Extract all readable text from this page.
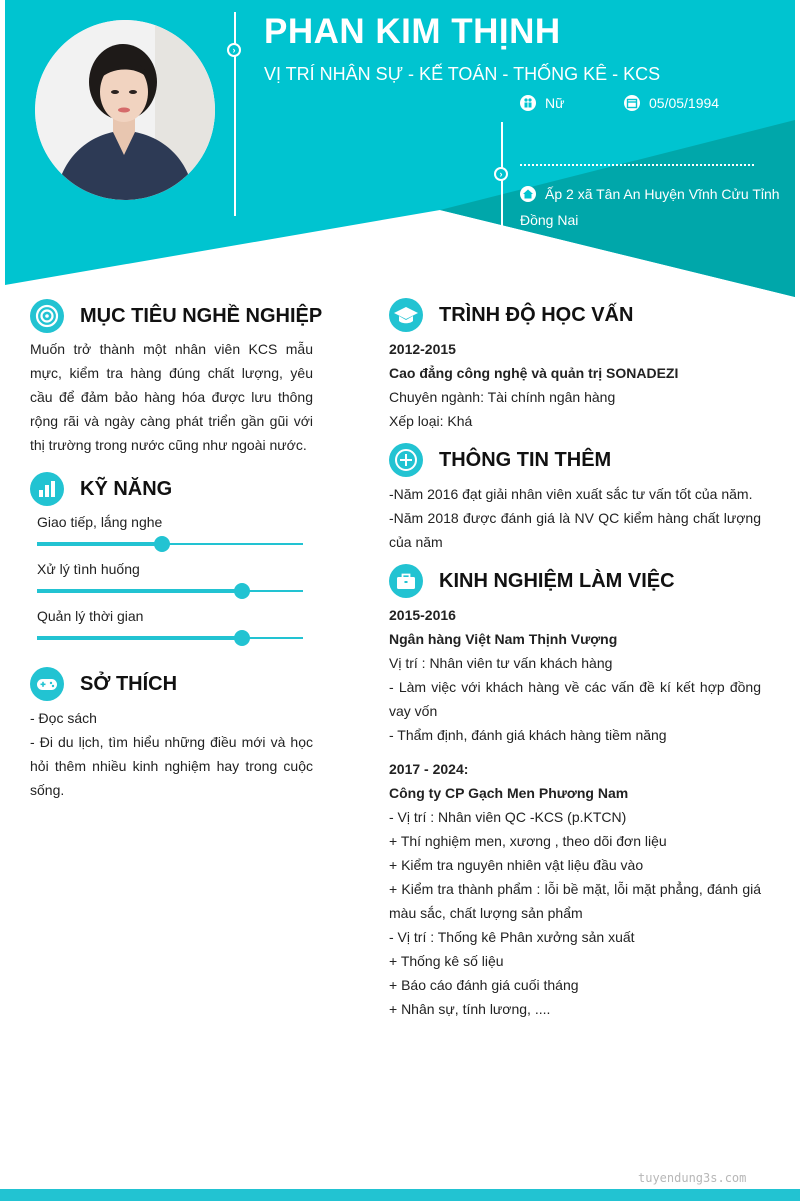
›
›
PHAN KIM THỊNH
VỊ TRÍ NHÂN SỰ - KẾ TOÁN - THỐNG KÊ - KCS
Nữ	05/05/1994
Ấp 2 xã Tân An Huyện Vĩnh Cửu Tỉnh Đồng Nai
MỤC TIÊU NGHỀ NGHIỆP
Muốn trở thành một nhân viên KCS mẫu mực, kiểm tra hàng đúng chất lượng, yêu cầu để đảm bảo hàng hóa được lưu thông rộng rãi và ngày càng phát triển gần gũi với thị trường trong nước cũng như ngoài nước.
KỸ NĂNG
Giao tiếp, lắng nghe
Xử lý tình huống
Quản lý thời gian
SỞ THÍCH
- Đọc sách
- Đi du lịch, tìm hiểu những điều mới và học hỏi thêm nhiều kinh nghiệm hay trong cuộc sống.
TRÌNH ĐỘ HỌC VẤN
2012-2015
Cao đẳng công nghệ và quản trị SONADEZI
Chuyên ngành: Tài chính ngân hàng
Xếp loại: Khá
THÔNG TIN THÊM
-Năm 2016 đạt giải nhân viên xuất sắc tư vấn tốt của năm.
-Năm 2018 được đánh giá là NV QC kiểm hàng chất lượng của năm
KINH NGHIỆM LÀM VIỆC
2015-2016
Ngân hàng Việt Nam Thịnh Vượng
Vị trí : Nhân viên tư vấn khách hàng
- Làm việc với khách hàng về các vấn đề kí kết hợp đồng vay vốn
- Thẩm định, đánh giá khách hàng tiềm năng
2017 - 2024:
Công ty CP Gạch Men Phương Nam
- Vị trí : Nhân viên QC -KCS (p.KTCN)
+ Thí nghiệm men, xương , theo dõi đơn liệu
+ Kiểm tra nguyên nhiên vật liệu đầu vào
+ Kiểm tra thành phẩm : lỗi bề mặt, lỗi mặt phẳng, đánh giá màu sắc, chất lượng sản phẩm
- Vị trí : Thống kê Phân xưởng sản xuất
+ Thống kê số liệu
+ Báo cáo đánh giá cuối tháng
+ Nhân sự, tính lương, ....
tuyendung3s.com
